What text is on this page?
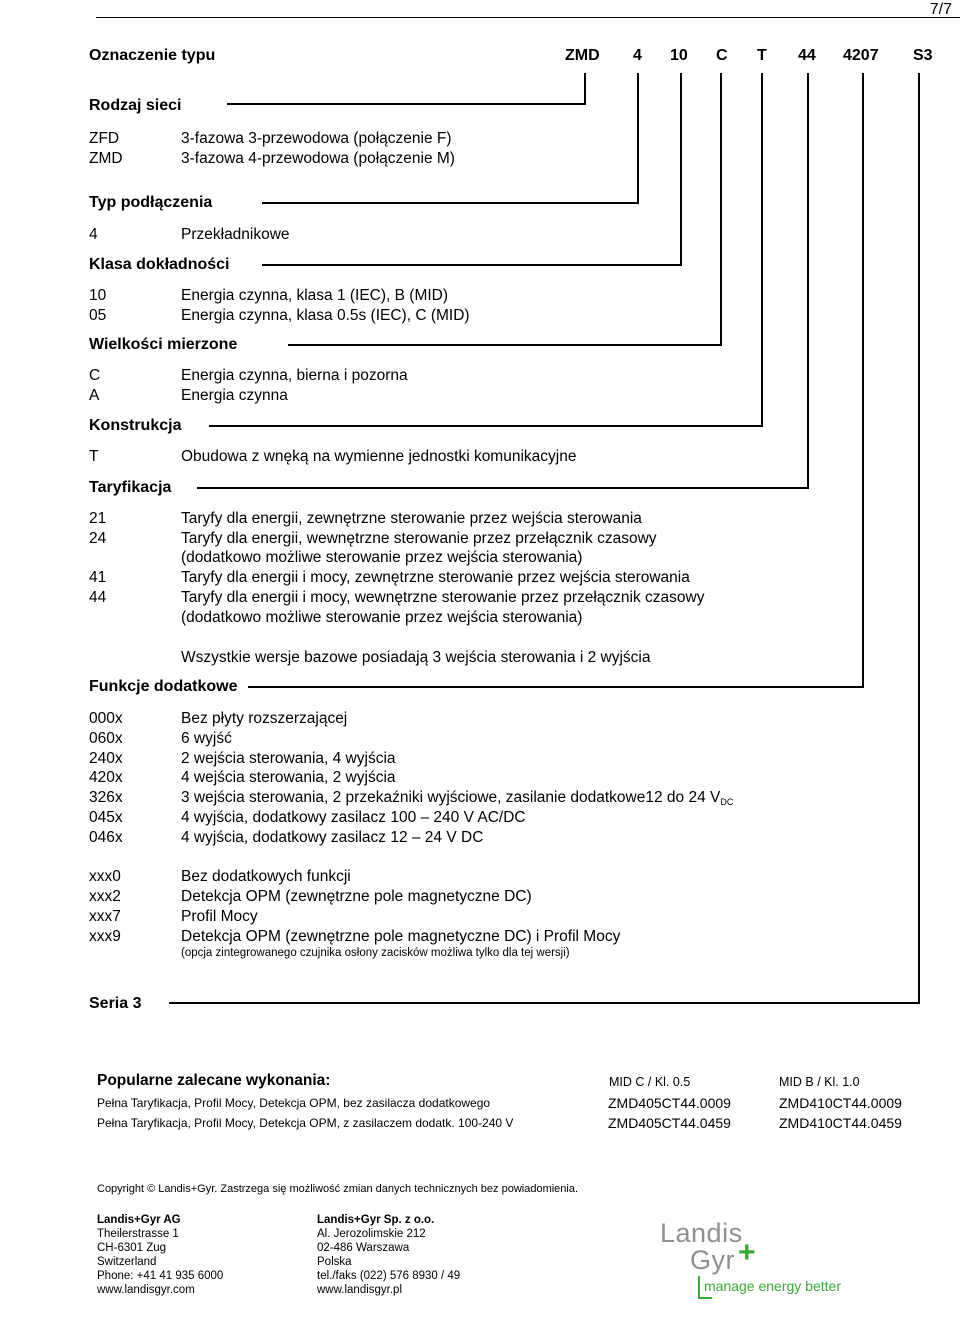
7/7
Oznaczenie typu	ZMD 4 10 C T 44 4207 S3
Rodzaj sieci
ZFD	3-fazowa 3-przewodowa (połączenie F)
ZMD	3-fazowa 4-przewodowa (połączenie M)
Typ podłączenia
4	Przekładnikowe
Klasa dokładności
10	Energia czynna, klasa 1 (IEC), B (MID)
05	Energia czynna, klasa 0.5s (IEC), C (MID)
Wielkości mierzone
C	Energia czynna, bierna i pozorna
A	Energia czynna
Konstrukcja
T	Obudowa z wnęką na wymienne jednostki komunikacyjne
Taryfikacja
21	Taryfy dla energii, zewnętrzne sterowanie przez wejścia sterowania
24	Taryfy dla energii, wewnętrzne sterowanie przez przełącznik czasowy
(dodatkowo możliwe sterowanie przez wejścia sterowania)
41	Taryfy dla energii i mocy, zewnętrzne sterowanie przez wejścia sterowania
44	Taryfy dla energii i mocy, wewnętrzne sterowanie przez przełącznik czasowy
(dodatkowo możliwe sterowanie przez wejścia sterowania)
Wszystkie wersje bazowe posiadają 3 wejścia sterowania i 2 wyjścia
Funkcje dodatkowe
000x	Bez płyty rozszerzającej
060x	6 wyjść
240x	2 wejścia sterowania, 4 wyjścia
420x	4 wejścia sterowania, 2 wyjścia
326x	3 wejścia sterowania, 2 przekaźniki wyjściowe, zasilanie dodatkowe12 do 24 $V_{DC}$
045x	4 wyjścia, dodatkowy zasilacz 100 – 240 V AC/DC
046x	4 wyjścia, dodatkowy zasilacz 12 – 24 V DC
xxx0	Bez dodatkowych funkcji
xxx2	Detekcja OPM (zewnętrzne pole magnetyczne DC)
xxx7	Profil Mocy
xxx9	Detekcja OPM (zewnętrzne pole magnetyczne DC) i Profil Mocy
(opcja zintegrowanego czujnika osłony zacisków możliwa tylko dla tej wersji)
Seria 3
Popularne zalecane wykonania:	MID C / Kl. 0.5	MID B / Kl. 1.0
Pełna Taryfikacja, Profil Mocy, Detekcja OPM, bez zasilacza dodatkowego	ZMD405CT44.0009	ZMD410CT44.0009
Pełna Taryfikacja, Profil Mocy, Detekcja OPM, z zasilaczem dodatk. 100-240 V	ZMD405CT44.0459	ZMD410CT44.0459
Copyright © Landis+Gyr. Zastrzega się możliwość zmian danych technicznych bez powiadomienia.
Landis+Gyr AG
Theilerstrasse 1
CH-6301 Zug
Switzerland
Phone: +41 41 935 6000
www.landisgyr.com
Landis+Gyr Sp. z o.o.
Al. Jerozolimskie 212
02-486 Warszawa
Polska
tel./faks (022) 576 8930 / 49
www.landisgyr.pl
Landis
Gyr +
manage energy better
